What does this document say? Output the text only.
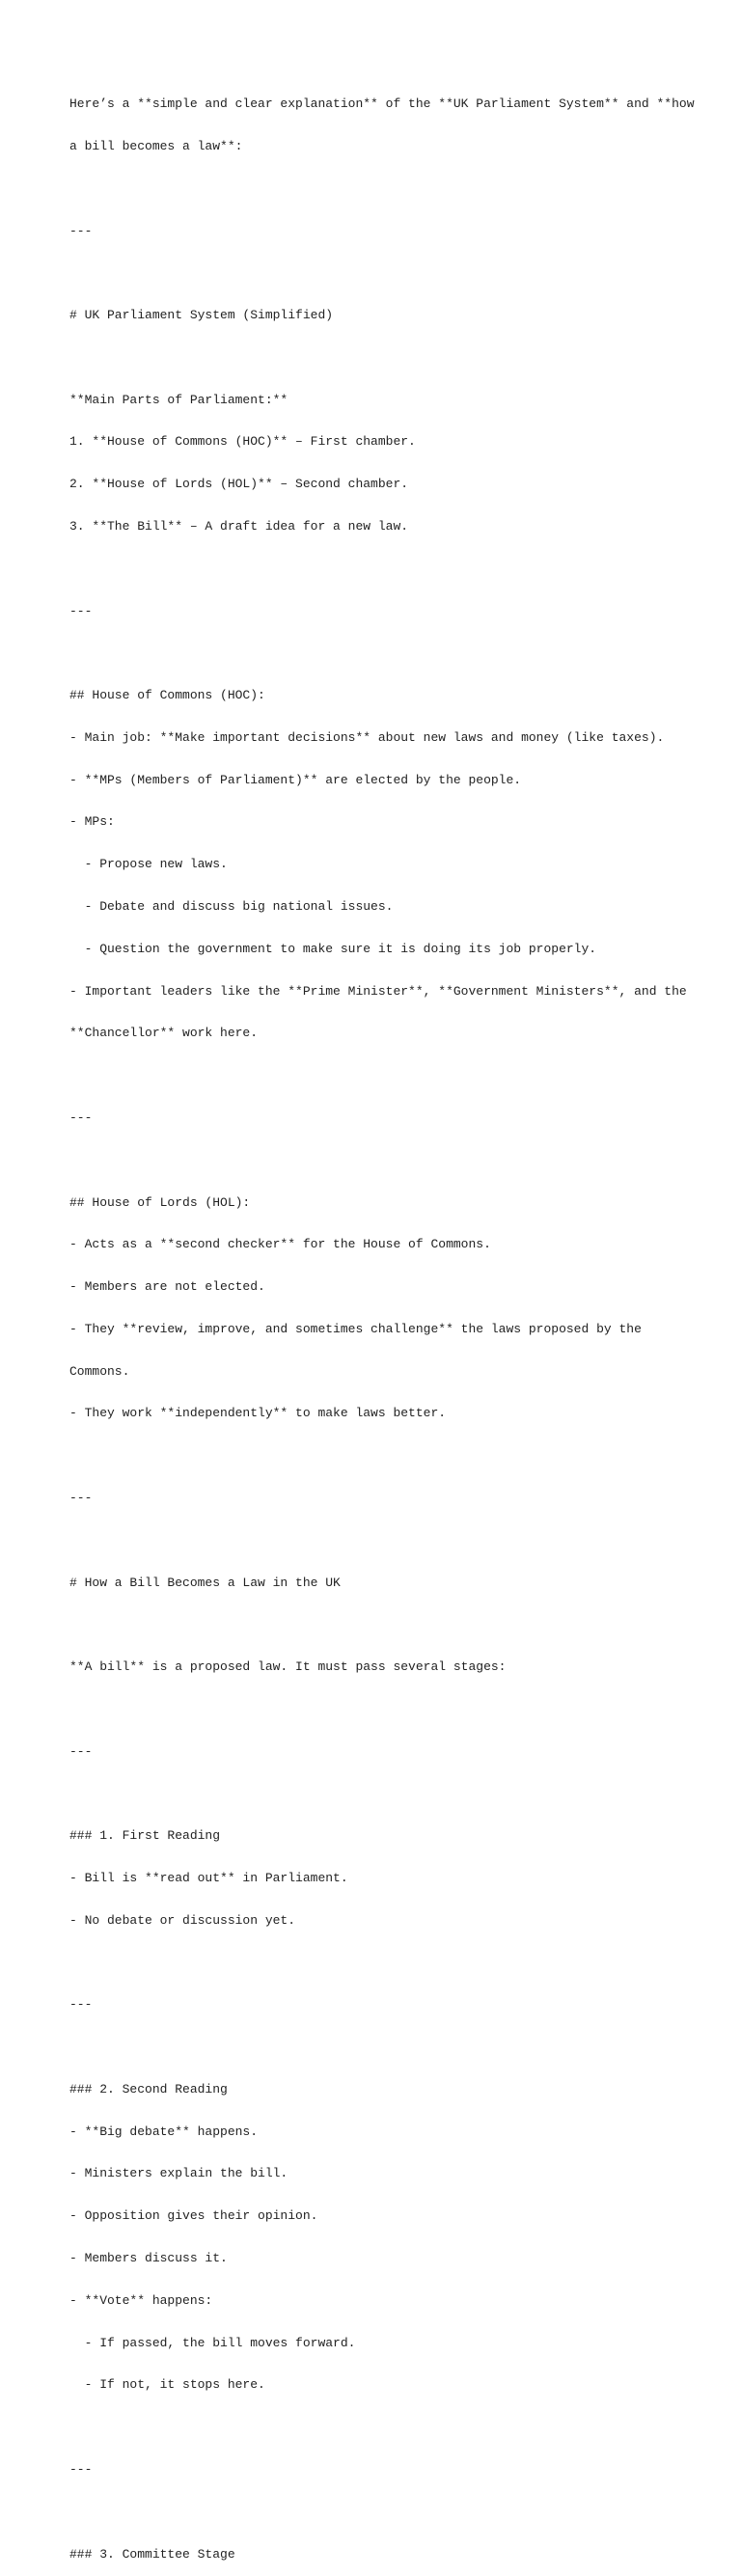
Here’s a **simple and clear explanation** of the **UK Parliament System** and **how

a bill becomes a law**:

---

# UK Parliament System (Simplified)

**Main Parts of Parliament:**

1. **House of Commons (HOC)** – First chamber.

2. **House of Lords (HOL)** – Second chamber.

3. **The Bill** – A draft idea for a new law.

---

## House of Commons (HOC):

- Main job: **Make important decisions** about new laws and money (like taxes).

- **MPs (Members of Parliament)** are elected by the people.

- MPs:

- Propose new laws.

- Debate and discuss big national issues.

- Question the government to make sure it is doing its job properly.

- Important leaders like the **Prime Minister**, **Government Ministers**, and the

**Chancellor** work here.

---

## House of Lords (HOL):

- Acts as a **second checker** for the House of Commons.

- Members are not elected.

- They **review, improve, and sometimes challenge** the laws proposed by the

Commons.

- They work **independently** to make laws better.

---

# How a Bill Becomes a Law in the UK

**A bill** is a proposed law. It must pass several stages:

---

### 1. First Reading

- Bill is **read out** in Parliament.

- No debate or discussion yet.

---

### 2. Second Reading

- **Big debate** happens.

- Ministers explain the bill.

- Opposition gives their opinion.

- Members discuss it.

- **Vote** happens:

- If passed, the bill moves forward.

- If not, it stops here.

---

### 3. Committee Stage
